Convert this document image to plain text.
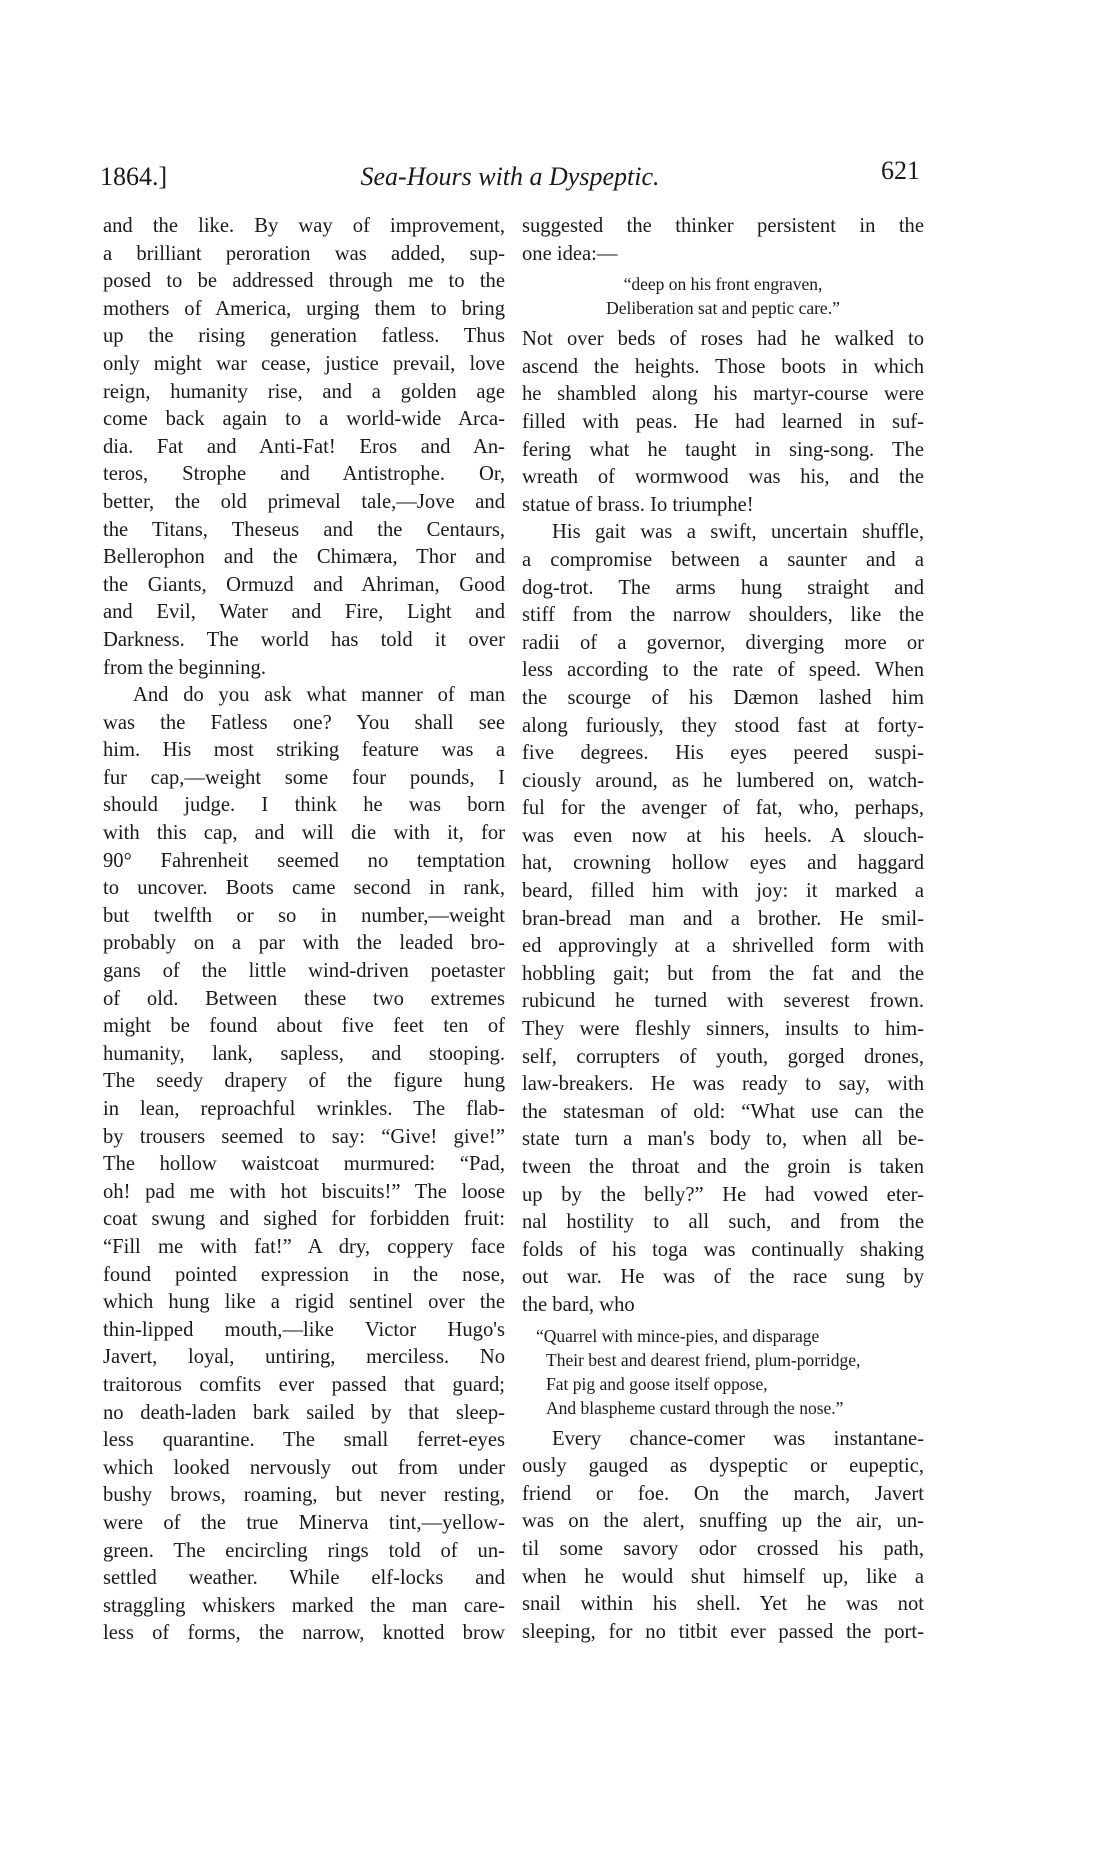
1864.]	Sea-Hours with a Dyspeptic.	621
and the like. By way of improvement,
a brilliant peroration was added, sup-
posed to be addressed through me to the
mothers of America, urging them to bring
up the rising generation fatless. Thus
only might war cease, justice prevail, love
reign, humanity rise, and a golden age
come back again to a world-wide Arca-
dia. Fat and Anti-Fat! Eros and An-
teros, Strophe and Antistrophe. Or,
better, the old primeval tale,—Jove and
the Titans, Theseus and the Centaurs,
Bellerophon and the Chimæra, Thor and
the Giants, Ormuzd and Ahriman, Good
and Evil, Water and Fire, Light and
Darkness. The world has told it over
from the beginning.
And do you ask what manner of man
was the Fatless one? You shall see
him. His most striking feature was a
fur cap,—weight some four pounds, I
should judge. I think he was born
with this cap, and will die with it, for
90° Fahrenheit seemed no temptation
to uncover. Boots came second in rank,
but twelfth or so in number,—weight
probably on a par with the leaded bro-
gans of the little wind-driven poetaster
of old. Between these two extremes
might be found about five feet ten of
humanity, lank, sapless, and stooping.
The seedy drapery of the figure hung
in lean, reproachful wrinkles. The flab-
by trousers seemed to say: “Give! give!”
The hollow waistcoat murmured: “Pad,
oh! pad me with hot biscuits!” The loose
coat swung and sighed for forbidden fruit:
“Fill me with fat!” A dry, coppery face
found pointed expression in the nose,
which hung like a rigid sentinel over the
thin-lipped mouth,—like Victor Hugo's
Javert, loyal, untiring, merciless. No
traitorous comfits ever passed that guard;
no death-laden bark sailed by that sleep-
less quarantine. The small ferret-eyes
which looked nervously out from under
bushy brows, roaming, but never resting,
were of the true Minerva tint,—yellow-
green. The encircling rings told of un-
settled weather. While elf-locks and
straggling whiskers marked the man care-
less of forms, the narrow, knotted brow
suggested the thinker persistent in the
one idea:—
“deep on his front engraven,
Deliberation sat and peptic care.”
Not over beds of roses had he walked to
ascend the heights. Those boots in which
he shambled along his martyr-course were
filled with peas. He had learned in suf-
fering what he taught in sing-song. The
wreath of wormwood was his, and the
statue of brass. Io triumphe!
His gait was a swift, uncertain shuffle,
a compromise between a saunter and a
dog-trot. The arms hung straight and
stiff from the narrow shoulders, like the
radii of a governor, diverging more or
less according to the rate of speed. When
the scourge of his Dæmon lashed him
along furiously, they stood fast at forty-
five degrees. His eyes peered suspi-
ciously around, as he lumbered on, watch-
ful for the avenger of fat, who, perhaps,
was even now at his heels. A slouch-
hat, crowning hollow eyes and haggard
beard, filled him with joy: it marked a
bran-bread man and a brother. He smil-
ed approvingly at a shrivelled form with
hobbling gait; but from the fat and the
rubicund he turned with severest frown.
They were fleshly sinners, insults to him-
self, corrupters of youth, gorged drones,
law-breakers. He was ready to say, with
the statesman of old: “What use can the
state turn a man's body to, when all be-
tween the throat and the groin is taken
up by the belly?” He had vowed eter-
nal hostility to all such, and from the
folds of his toga was continually shaking
out war. He was of the race sung by
the bard, who
“Quarrel with mince-pies, and disparage
Their best and dearest friend, plum-porridge,
Fat pig and goose itself oppose,
And blaspheme custard through the nose.”
Every chance-comer was instantane-
ously gauged as dyspeptic or eupeptic,
friend or foe. On the march, Javert
was on the alert, snuffing up the air, un-
til some savory odor crossed his path,
when he would shut himself up, like a
snail within his shell. Yet he was not
sleeping, for no titbit ever passed the port-
